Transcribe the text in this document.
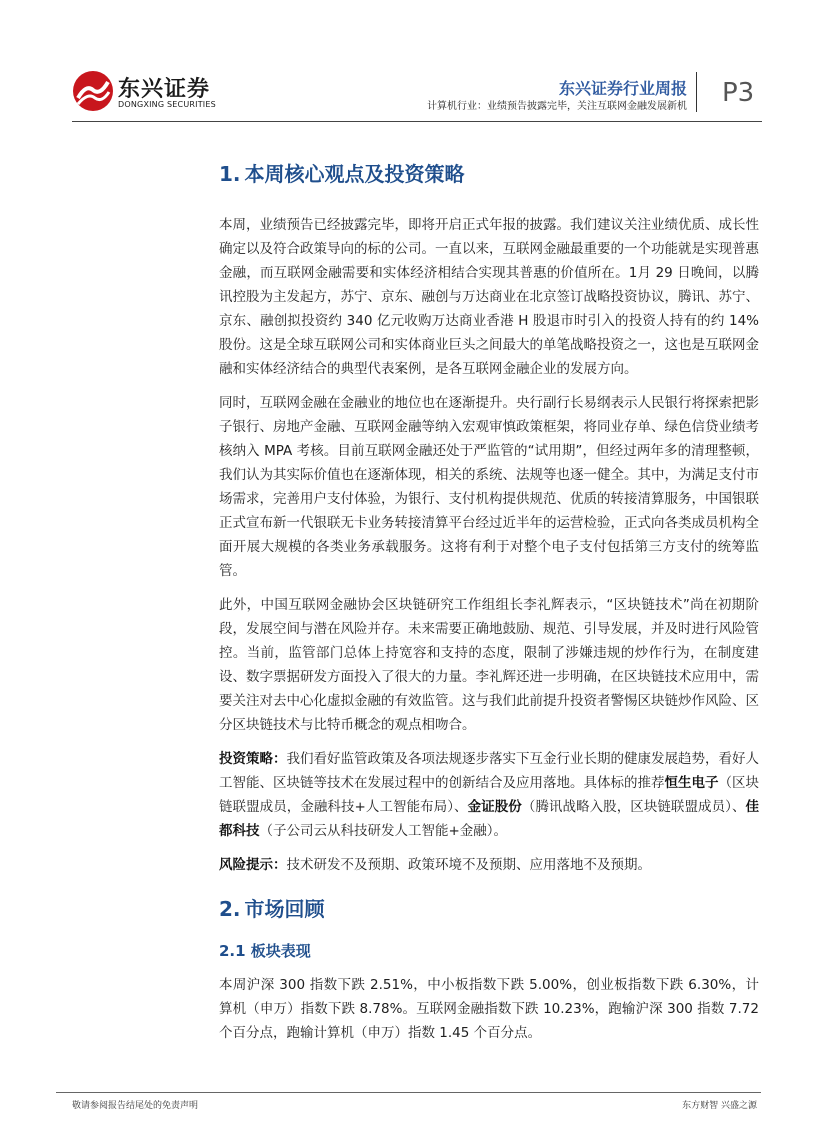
东兴证券
DONGXING SECURITIES
东兴证券行业周报
计算机行业：业绩预告披露完毕，关注互联网金融发展新机 P3
1. 本周核心观点及投资策略

本周，业绩预告已经披露完毕，即将开启正式年报的披露。我们建议关注业绩优质、成长性确定以及符合政策导向的标的公司。一直以来，互联网金融最重要的一个功能就是实现普惠金融，而互联网金融需要和实体经济相结合实现其普惠的价值所在。1月 29 日晚间，以腾讯控股为主发起方，苏宁、京东、融创与万达商业在北京签订战略投资协议，腾讯、苏宁、京东、融创拟投资约 340 亿元收购万达商业香港 H 股退市时引入的投资人持有的约 14%股份。这是全球互联网公司和实体商业巨头之间最大的单笔战略投资之一，这也是互联网金融和实体经济结合的典型代表案例，是各互联网金融企业的发展方向。

同时，互联网金融在金融业的地位也在逐渐提升。央行副行长易纲表示人民银行将探索把影子银行、房地产金融、互联网金融等纳入宏观审慎政策框架，将同业存单、绿色信贷业绩考核纳入 MPA 考核。目前互联网金融还处于严监管的“试用期”，但经过两年多的清理整顿，我们认为其实际价值也在逐渐体现，相关的系统、法规等也逐一健全。其中，为满足支付市场需求，完善用户支付体验，为银行、支付机构提供规范、优质的转接清算服务，中国银联正式宣布新一代银联无卡业务转接清算平台经过近半年的运营检验，正式向各类成员机构全面开展大规模的各类业务承载服务。这将有利于对整个电子支付包括第三方支付的统筹监管。

此外，中国互联网金融协会区块链研究工作组组长李礼辉表示，“区块链技术”尚在初期阶段，发展空间与潜在风险并存。未来需要正确地鼓励、规范、引导发展，并及时进行风险管控。当前，监管部门总体上持宽容和支持的态度，限制了涉嫌违规的炒作行为，在制度建设、数字票据研发方面投入了很大的力量。李礼辉还进一步明确，在区块链技术应用中，需要关注对去中心化虚拟金融的有效监管。这与我们此前提升投资者警惕区块链炒作风险、区分区块链技术与比特币概念的观点相吻合。

投资策略：我们看好监管政策及各项法规逐步落实下互金行业长期的健康发展趋势，看好人工智能、区块链等技术在发展过程中的创新结合及应用落地。具体标的推荐恒生电子（区块链联盟成员，金融科技+人工智能布局）、金证股份（腾讯战略入股，区块链联盟成员）、佳都科技（子公司云从科技研发人工智能+金融）。

风险提示：技术研发不及预期、政策环境不及预期、应用落地不及预期。

2. 市场回顾
2.1 板块表现

本周沪深 300 指数下跌 2.51%，中小板指数下跌 5.00%，创业板指数下跌 6.30%，计算机（申万）指数下跌 8.78%。互联网金融指数下跌 10.23%，跑输沪深 300 指数 7.72 个百分点，跑输计算机（申万）指数 1.45 个百分点。

敬请参阅报告结尾处的免责声明	东方财智 兴盛之源
